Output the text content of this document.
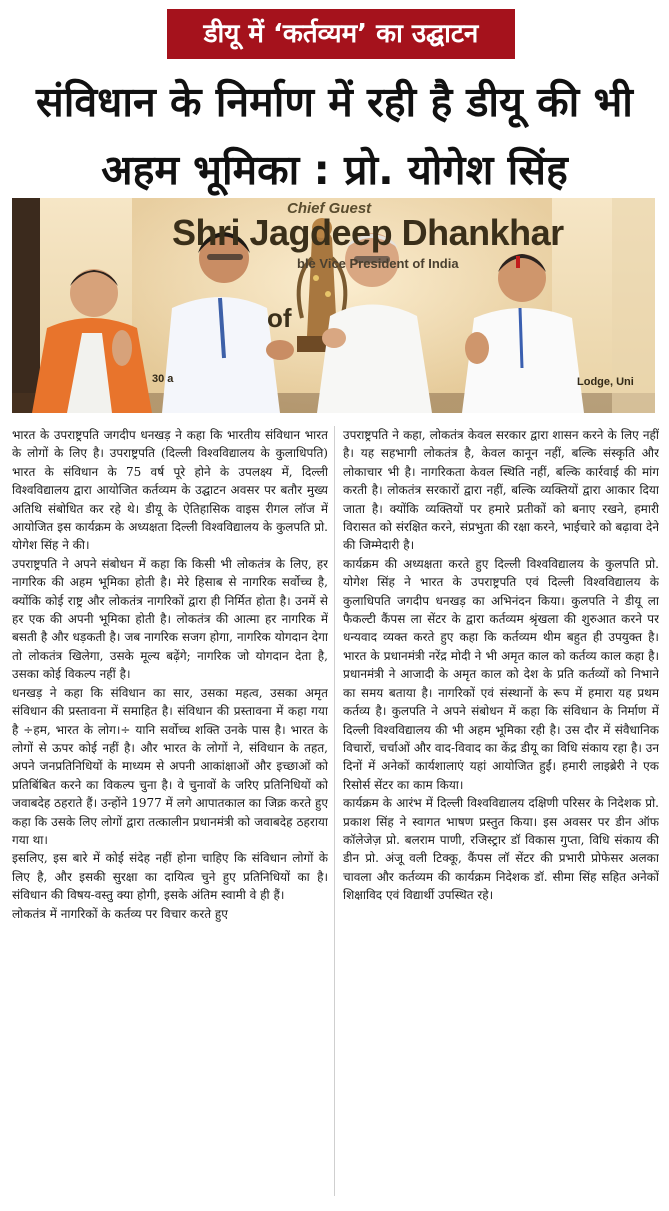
डीयू में ‘कर्तव्यम’ का उद्घाटन
संविधान के निर्माण में रही है डीयू की भी
अहम भूमिका : प्रो. योगेश सिंह
Chief Guest
Shri Jagdeep Dhankhar
ble Vice President of India
of
30 a	Lodge, Uni

भारत के उपराष्ट्रपति जगदीप धनखड़ ने कहा कि भारतीय संविधान भारत के लोगों के लिए है। उपराष्ट्रपति (दिल्ली विश्वविद्यालय के कुलाधिपति) भारत के संविधान के 75 वर्ष पूरे होने के उपलक्ष्य में, दिल्ली विश्वविद्यालय द्वारा आयोजित कर्तव्यम के उद्घाटन अवसर पर बतौर मुख्य अतिथि संबोधित कर रहे थे। डीयू के ऐतिहासिक वाइस रीगल लॉज में आयोजित इस कार्यक्रम के अध्यक्षता दिल्ली विश्वविद्यालय के कुलपति प्रो. योगेश सिंह ने की।

उपराष्ट्रपति ने अपने संबोधन में कहा कि किसी भी लोकतंत्र के लिए, हर नागरिक की अहम भूमिका होती है। मेरे हिसाब से नागरिक सर्वोच्च है, क्योंकि कोई राष्ट्र और लोकतंत्र नागरिकों द्वारा ही निर्मित होता है। उनमें से हर एक की अपनी भूमिका होती है। लोकतंत्र की आत्मा हर नागरिक में बसती है और धड़कती है। जब नागरिक सजग होगा, नागरिक योगदान देगा तो लोकतंत्र खिलेगा, उसके मूल्य बढ़ेंगे; नागरिक जो योगदान देता है, उसका कोई विकल्प नहीं है।

धनखड़ ने कहा कि संविधान का सार, उसका महत्व, उसका अमृत संविधान की प्रस्तावना में समाहित है। संविधान की प्रस्तावना में कहा गया है ÷हम, भारत के लोग।÷ यानि सर्वोच्च शक्ति उनके पास है। भारत के लोगों से ऊपर कोई नहीं है। और भारत के लोगों ने, संविधान के तहत, अपने जनप्रतिनिधियों के माध्यम से अपनी आकांक्षाओं और इच्छाओं को प्रतिबिंबित करने का विकल्प चुना है। वे चुनावों के जरिए प्रतिनिधियों को जवाबदेह ठहराते हैं। उन्होंने 1977 में लगे आपातकाल का जिक्र करते हुए कहा कि उसके लिए लोगों द्वारा तत्कालीन प्रधानमंत्री को जवाबदेह ठहराया गया था।

इसलिए, इस बारे में कोई संदेह नहीं होना चाहिए कि संविधान लोगों के लिए है, और इसकी सुरक्षा का दायित्व चुने हुए प्रतिनिधियों का है। संविधान की विषय-वस्तु क्या होगी, इसके अंतिम स्वामी वे ही हैं।

लोकतंत्र में नागरिकों के कर्तव्य पर विचार करते हुए

उपराष्ट्रपति ने कहा, लोकतंत्र केवल सरकार द्वारा शासन करने के लिए नहीं है। यह सहभागी लोकतंत्र है, केवल कानून नहीं, बल्कि संस्कृति और लोकाचार भी है। नागरिकता केवल स्थिति नहीं, बल्कि कार्रवाई की मांग करती है। लोकतंत्र सरकारों द्वारा नहीं, बल्कि व्यक्तियों द्वारा आकार दिया जाता है। क्योंकि व्यक्तियों पर हमारे प्रतीकों को बनाए रखने, हमारी विरासत को संरक्षित करने, संप्रभुता की रक्षा करने, भाईचारे को बढ़ावा देने की जिम्मेदारी है।

कार्यक्रम की अध्यक्षता करते हुए दिल्ली विश्वविद्यालय के कुलपति प्रो. योगेश सिंह ने भारत के उपराष्ट्रपति एवं दिल्ली विश्वविद्यालय के कुलाधिपति जगदीप धनखड़ का अभिनंदन किया। कुलपति ने डीयू ला फैकल्टी कैंपस ला सेंटर के द्वारा कर्तव्यम श्रृंखला की शुरुआत करने पर धन्यवाद व्यक्त करते हुए कहा कि कर्तव्यम थीम बहुत ही उपयुक्त है। भारत के प्रधानमंत्री नरेंद्र मोदी ने भी अमृत काल को कर्तव्य काल कहा है। प्रधानमंत्री ने आजादी के अमृत काल को देश के प्रति कर्तव्यों को निभाने का समय बताया है। नागरिकों एवं संस्थानों के रूप में हमारा यह प्रथम कर्तव्य है। कुलपति ने अपने संबोधन में कहा कि संविधान के निर्माण में दिल्ली विश्वविद्यालय की भी अहम भूमिका रही है। उस दौर में संवैधानिक विचारों, चर्चाओं और वाद-विवाद का केंद्र डीयू का विधि संकाय रहा है। उन दिनों में अनेकों कार्यशालाएं यहां आयोजित हुईं। हमारी लाइब्रेरी ने एक रिसोर्स सेंटर का काम किया।

कार्यक्रम के आरंभ में दिल्ली विश्वविद्यालय दक्षिणी परिसर के निदेशक प्रो. प्रकाश सिंह ने स्वागत भाषण प्रस्तुत किया। इस अवसर पर डीन ऑफ कॉलेजेज़ प्रो. बलराम पाणी, रजिस्ट्रार डॉ विकास गुप्ता, विधि संकाय की डीन प्रो. अंजू वली टिक्कू, कैंपस लॉ सेंटर की प्रभारी प्रोफेसर अलका चावला और कर्तव्यम की कार्यक्रम निदेशक डॉ. सीमा सिंह सहित अनेकों शिक्षाविद एवं विद्यार्थी उपस्थित रहे।
